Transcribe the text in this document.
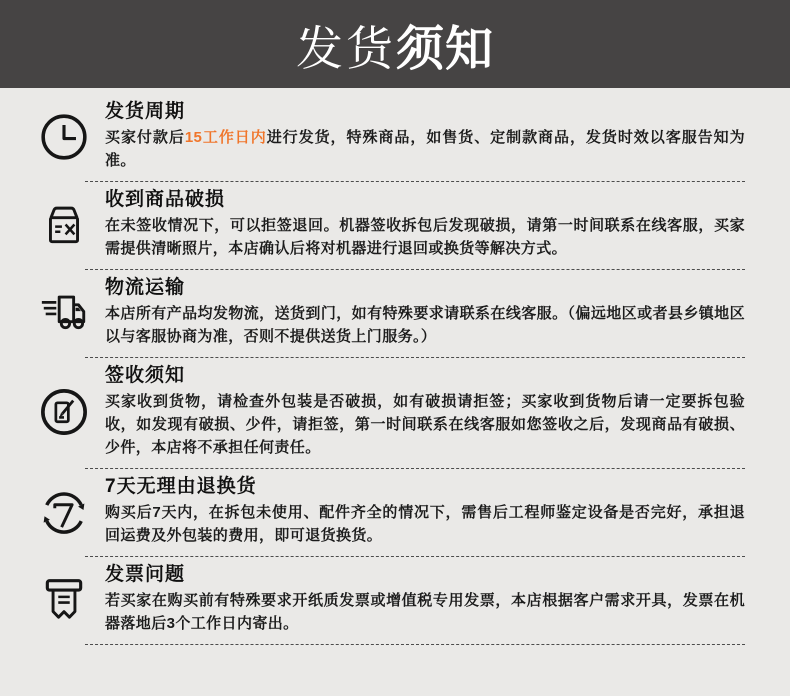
发货须知
发货周期

买家付款后15工作日内进行发货，特殊商品，如售货、定制款商品，发货时效以客服告知为准。

收到商品破损

在未签收情况下，可以拒签退回。机器签收拆包后发现破损，请第一时间联系在线客服，买家需提供清晰照片，本店确认后将对机器进行退回或换货等解决方式。

物流运输

本店所有产品均发物流，送货到门，如有特殊要求请联系在线客服。（偏远地区或者县乡镇地区以与客服协商为准，否则不提供送货上门服务。）

签收须知

买家收到货物，请检查外包装是否破损，如有破损请拒签；买家收到货物后请一定要拆包验收，如发现有破损、少件，请拒签，第一时间联系在线客服如您签收之后，发现商品有破损、少件，本店将不承担任何责任。

7天无理由退换货

购买后7天内，在拆包未使用、配件齐全的情况下，需售后工程师鉴定设备是否完好，承担退回运费及外包装的费用，即可退货换货。

发票问题

若买家在购买前有特殊要求开纸质发票或增值税专用发票，本店根据客户需求开具，发票在机器落地后3个工作日内寄出。
